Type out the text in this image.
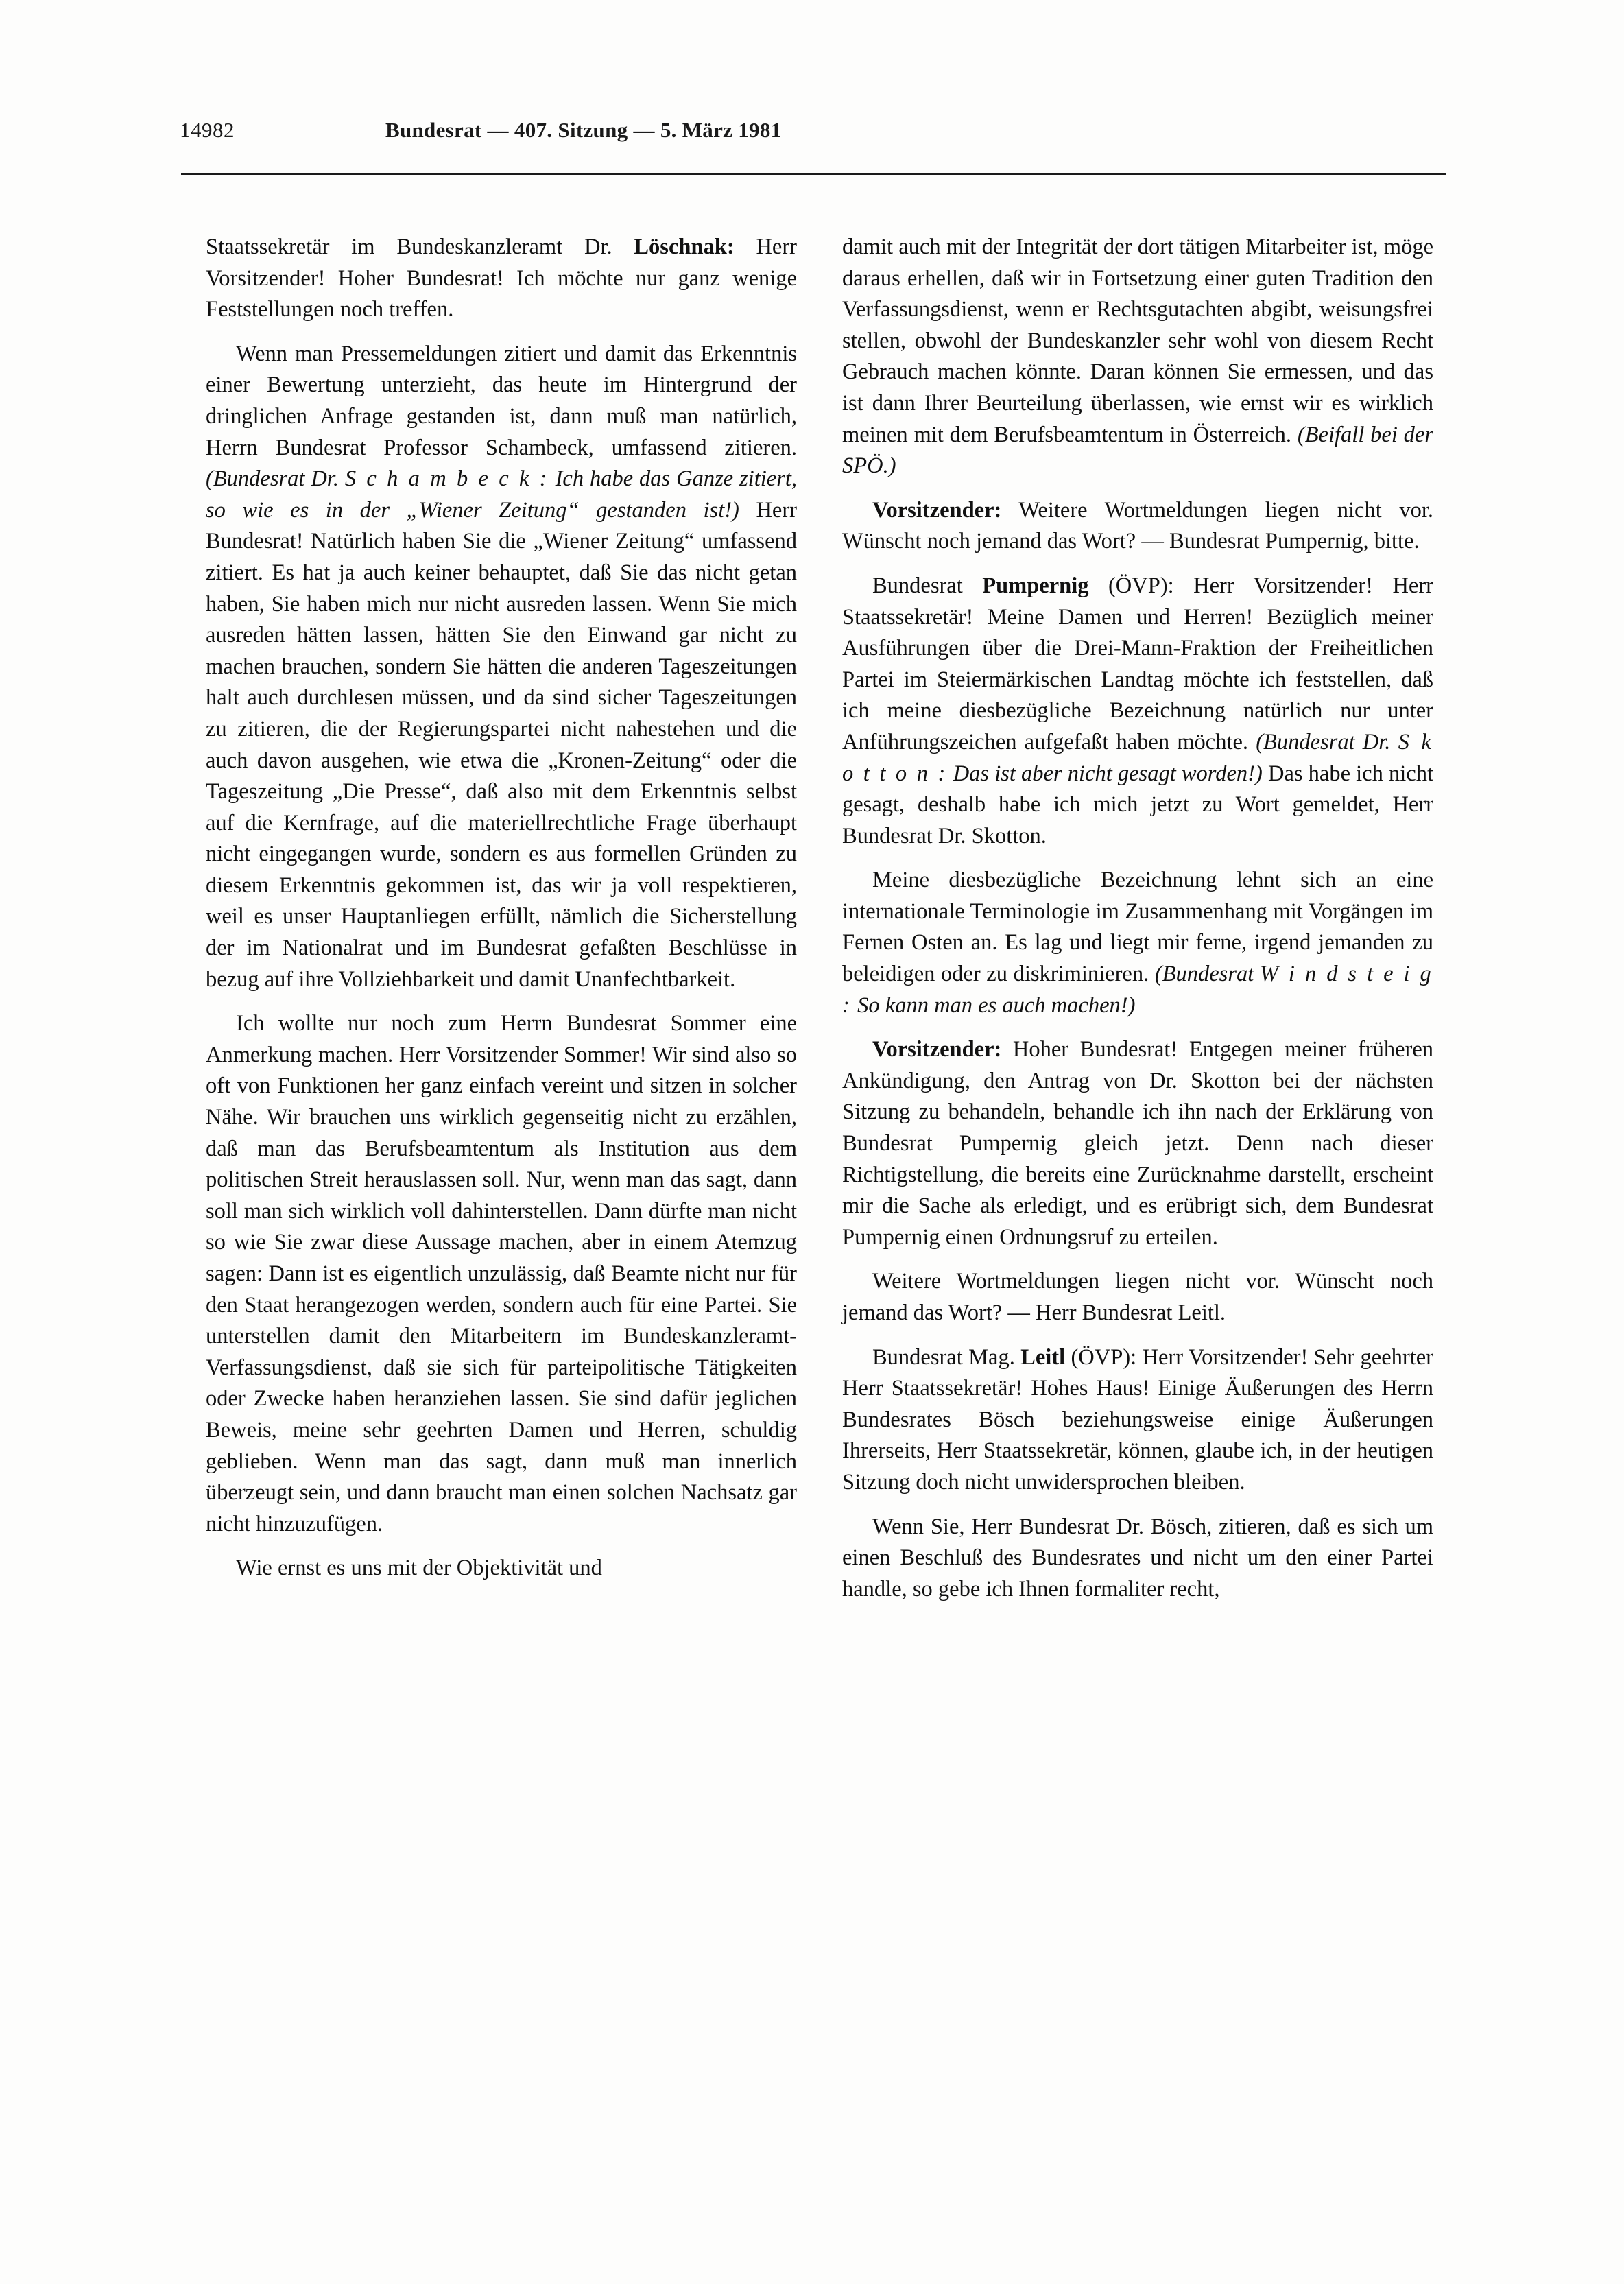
14982	Bundesrat — 407. Sitzung — 5. März 1981

Staatssekretär im Bundeskanzleramt Dr. Löschnak: Herr Vorsitzender! Hoher Bundesrat! Ich möchte nur ganz wenige Feststellungen noch treffen.

Wenn man Pressemeldungen zitiert und damit das Erkenntnis einer Bewertung unterzieht, das heute im Hintergrund der dringlichen Anfrage gestanden ist, dann muß man natürlich, Herrn Bundesrat Professor Schambeck, umfassend zitieren. (Bundesrat Dr. S c h a m b e c k : Ich habe das Ganze zitiert, so wie es in der „Wiener Zeitung“ gestanden ist!) Herr Bundesrat! Natürlich haben Sie die „Wiener Zeitung“ umfassend zitiert. Es hat ja auch keiner behauptet, daß Sie das nicht getan haben, Sie haben mich nur nicht ausreden lassen. Wenn Sie mich ausreden hätten lassen, hätten Sie den Einwand gar nicht zu machen brauchen, sondern Sie hätten die anderen Tageszeitungen halt auch durchlesen müssen, und da sind sicher Tageszeitungen zu zitieren, die der Regierungspartei nicht nahestehen und die auch davon ausgehen, wie etwa die „Kronen-Zeitung“ oder die Tageszeitung „Die Presse“, daß also mit dem Erkenntnis selbst auf die Kernfrage, auf die materiellrechtliche Frage überhaupt nicht eingegangen wurde, sondern es aus formellen Gründen zu diesem Erkenntnis gekommen ist, das wir ja voll respektieren, weil es unser Hauptanliegen erfüllt, nämlich die Sicherstellung der im Nationalrat und im Bundesrat gefaßten Beschlüsse in bezug auf ihre Vollziehbarkeit und damit Unanfechtbarkeit.

Ich wollte nur noch zum Herrn Bundesrat Sommer eine Anmerkung machen. Herr Vorsitzender Sommer! Wir sind also so oft von Funktionen her ganz einfach vereint und sitzen in solcher Nähe. Wir brauchen uns wirklich gegenseitig nicht zu erzählen, daß man das Berufsbeamtentum als Institution aus dem politischen Streit herauslassen soll. Nur, wenn man das sagt, dann soll man sich wirklich voll dahinterstellen. Dann dürfte man nicht so wie Sie zwar diese Aussage machen, aber in einem Atemzug sagen: Dann ist es eigentlich unzulässig, daß Beamte nicht nur für den Staat herangezogen werden, sondern auch für eine Partei. Sie unterstellen damit den Mitarbeitern im Bundeskanzleramt-Verfassungsdienst, daß sie sich für parteipolitische Tätigkeiten oder Zwecke haben heranziehen lassen. Sie sind dafür jeglichen Beweis, meine sehr geehrten Damen und Herren, schuldig geblieben. Wenn man das sagt, dann muß man innerlich überzeugt sein, und dann braucht man einen solchen Nachsatz gar nicht hinzuzufügen.

Wie ernst es uns mit der Objektivität und

damit auch mit der Integrität der dort tätigen Mitarbeiter ist, möge daraus erhellen, daß wir in Fortsetzung einer guten Tradition den Verfassungsdienst, wenn er Rechtsgutachten abgibt, weisungsfrei stellen, obwohl der Bundeskanzler sehr wohl von diesem Recht Gebrauch machen könnte. Daran können Sie ermessen, und das ist dann Ihrer Beurteilung überlassen, wie ernst wir es wirklich meinen mit dem Berufsbeamtentum in Österreich. (Beifall bei der SPÖ.)

Vorsitzender: Weitere Wortmeldungen liegen nicht vor. Wünscht noch jemand das Wort? — Bundesrat Pumpernig, bitte.

Bundesrat Pumpernig (ÖVP): Herr Vorsitzender! Herr Staatssekretär! Meine Damen und Herren! Bezüglich meiner Ausführungen über die Drei-Mann-Fraktion der Freiheitlichen Partei im Steiermärkischen Landtag möchte ich feststellen, daß ich meine diesbezügliche Bezeichnung natürlich nur unter Anführungszeichen aufgefaßt haben möchte. (Bundesrat Dr. S k o t t o n : Das ist aber nicht gesagt worden!) Das habe ich nicht gesagt, deshalb habe ich mich jetzt zu Wort gemeldet, Herr Bundesrat Dr. Skotton.

Meine diesbezügliche Bezeichnung lehnt sich an eine internationale Terminologie im Zusammenhang mit Vorgängen im Fernen Osten an. Es lag und liegt mir ferne, irgend jemanden zu beleidigen oder zu diskriminieren. (Bundesrat W i n d s t e i g : So kann man es auch machen!)

Vorsitzender: Hoher Bundesrat! Entgegen meiner früheren Ankündigung, den Antrag von Dr. Skotton bei der nächsten Sitzung zu behandeln, behandle ich ihn nach der Erklärung von Bundesrat Pumpernig gleich jetzt. Denn nach dieser Richtigstellung, die bereits eine Zurücknahme darstellt, erscheint mir die Sache als erledigt, und es erübrigt sich, dem Bundesrat Pumpernig einen Ordnungsruf zu erteilen.

Weitere Wortmeldungen liegen nicht vor. Wünscht noch jemand das Wort? — Herr Bundesrat Leitl.

Bundesrat Mag. Leitl (ÖVP): Herr Vorsitzender! Sehr geehrter Herr Staatssekretär! Hohes Haus! Einige Äußerungen des Herrn Bundesrates Bösch beziehungsweise einige Äußerungen Ihrerseits, Herr Staatssekretär, können, glaube ich, in der heutigen Sitzung doch nicht unwidersprochen bleiben.

Wenn Sie, Herr Bundesrat Dr. Bösch, zitieren, daß es sich um einen Beschluß des Bundesrates und nicht um den einer Partei handle, so gebe ich Ihnen formaliter recht,
